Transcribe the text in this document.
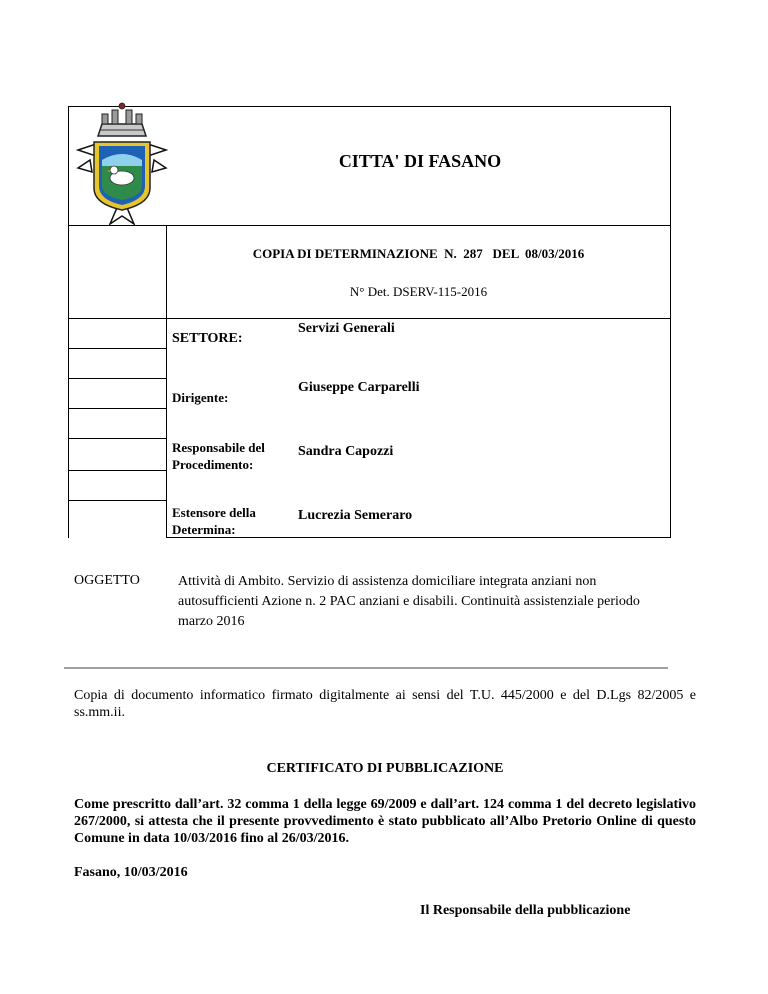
CITTA' DI FASANO
COPIA DI DETERMINAZIONE  N.  287   DEL  08/03/2016
N° Det. DSERV-115-2016
SETTORE:
Servizi Generali
Dirigente:
Giuseppe Carparelli
Responsabile del Procedimento:
Sandra Capozzi
Estensore della Determina:
Lucrezia Semeraro
OGGETTO	Attività di Ambito. Servizio di assistenza domiciliare integrata anziani non autosufficienti Azione n. 2 PAC anziani e disabili. Continuità assistenziale periodo marzo 2016
Copia di documento informatico firmato digitalmente ai sensi del T.U. 445/2000 e del D.Lgs 82/2005 e ss.mm.ii.
CERTIFICATO DI PUBBLICAZIONE
Come prescritto dall’art. 32 comma 1 della legge 69/2009 e dall’art. 124 comma 1 del decreto legislativo 267/2000, si attesta che il presente provvedimento è stato pubblicato all’Albo Pretorio Online di questo Comune in data 10/03/2016 fino al 26/03/2016.
Fasano, 10/03/2016
Il Responsabile della pubblicazione
